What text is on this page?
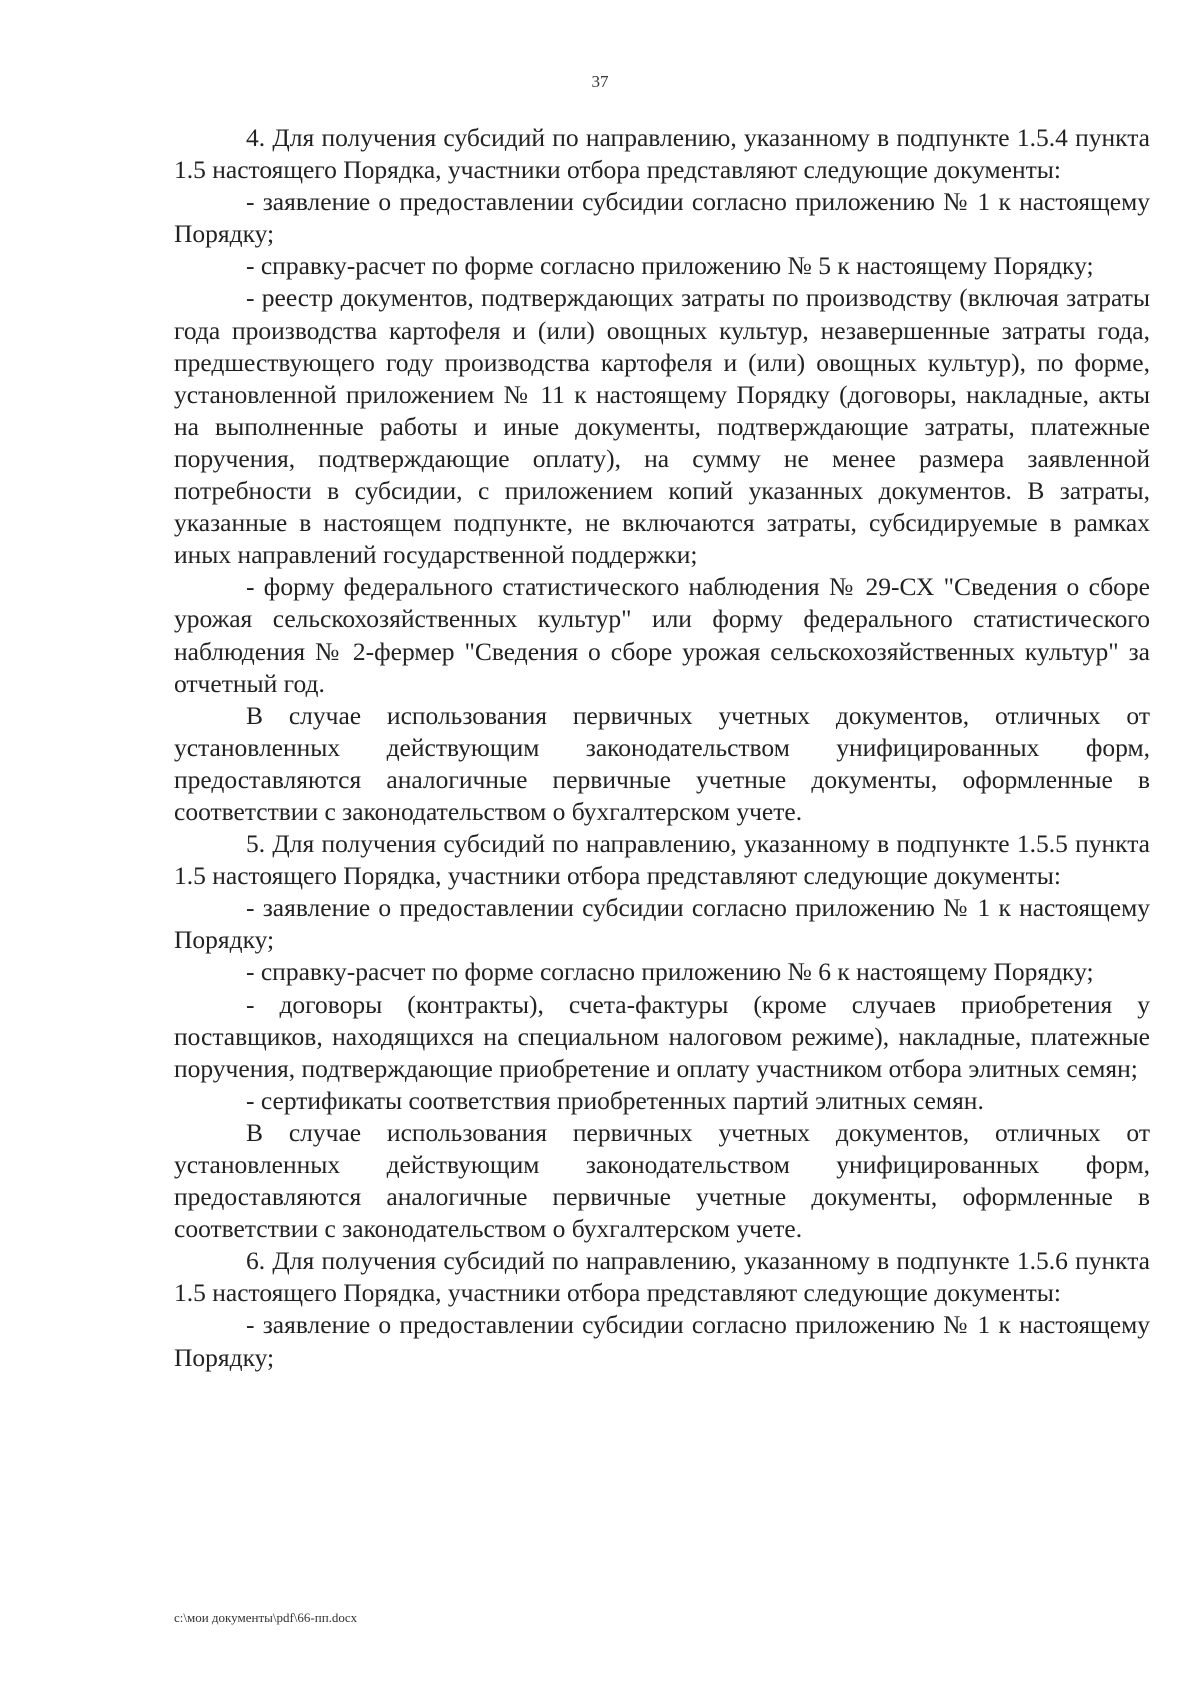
37

4. Для получения субсидий по направлению, указанному в подпункте 1.5.4 пункта 1.5 настоящего Порядка, участники отбора представляют следующие документы:

- заявление о предоставлении субсидии согласно приложению № 1 к настоящему Порядку;

- справку-расчет по форме согласно приложению № 5 к настоящему Порядку;

- реестр документов, подтверждающих затраты по производству (включая затраты года производства картофеля и (или) овощных культур, незавершенные затраты года, предшествующего году производства картофеля и (или) овощных культур), по форме, установленной приложением № 11 к настоящему Порядку (договоры, накладные, акты на выполненные работы и иные документы, подтверждающие затраты, платежные поручения, подтверждающие оплату), на сумму не менее размера заявленной потребности в субсидии, с приложением копий указанных документов. В затраты, указанные в настоящем подпункте, не включаются затраты, субсидируемые в рамках иных направлений государственной поддержки;

- форму федерального статистического наблюдения № 29-СХ "Сведения о сборе урожая сельскохозяйственных культур" или форму федерального статистического наблюдения № 2-фермер "Сведения о сборе урожая сельскохозяйственных культур" за отчетный год.

В случае использования первичных учетных документов, отличных от установленных действующим законодательством унифицированных форм, предоставляются аналогичные первичные учетные документы, оформленные в соответствии с законодательством о бухгалтерском учете.

5. Для получения субсидий по направлению, указанному в подпункте 1.5.5 пункта 1.5 настоящего Порядка, участники отбора представляют следующие документы:

- заявление о предоставлении субсидии согласно приложению № 1 к настоящему Порядку;

- справку-расчет по форме согласно приложению № 6 к настоящему Порядку;

- договоры (контракты), счета-фактуры (кроме случаев приобретения у поставщиков, находящихся на специальном налоговом режиме), накладные, платежные поручения, подтверждающие приобретение и оплату участником отбора элитных семян;

- сертификаты соответствия приобретенных партий элитных семян.

В случае использования первичных учетных документов, отличных от установленных действующим законодательством унифицированных форм, предоставляются аналогичные первичные учетные документы, оформленные в соответствии с законодательством о бухгалтерском учете.

6. Для получения субсидий по направлению, указанному в подпункте 1.5.6 пункта 1.5 настоящего Порядка, участники отбора представляют следующие документы:

- заявление о предоставлении субсидии согласно приложению № 1 к настоящему Порядку;

c:\мои документы\pdf\66-пп.docx
